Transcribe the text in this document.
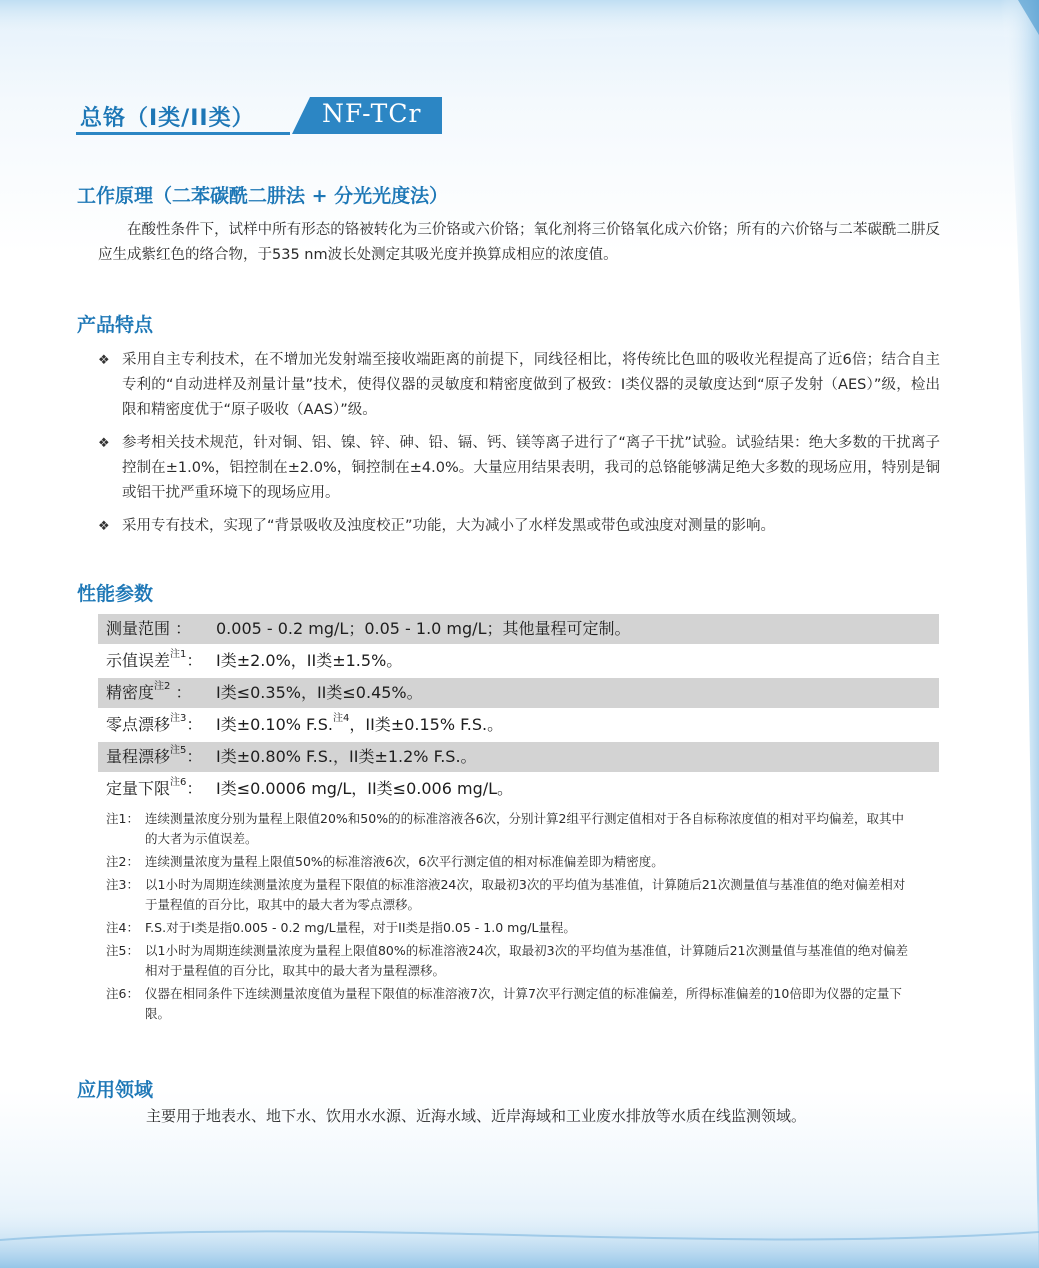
总铬（I类/II类）	NF-TCr
工作原理（二苯碳酰二肼法 + 分光光度法）

在酸性条件下，试样中所有形态的铬被转化为三价铬或六价铬；氧化剂将三价铬氧化成六价铬；所有的六价铬与二苯碳酰二肼反应生成紫红色的络合物，于535 nm波长处测定其吸光度并换算成相应的浓度值。

产品特点
❖ 采用自主专利技术，在不增加光发射端至接收端距离的前提下，同线径相比，将传统比色皿的吸收光程提高了近6倍；结合自主专利的“自动进样及剂量计量”技术，使得仪器的灵敏度和精密度做到了极致：I类仪器的灵敏度达到“原子发射（AES）”级，检出限和精密度优于“原子吸收（AAS）”级。
❖ 参考相关技术规范，针对铜、铝、镍、锌、砷、铅、镉、钙、镁等离子进行了“离子干扰”试验。试验结果：绝大多数的干扰离子控制在±1.0%，铝控制在±2.0%，铜控制在±4.0%。大量应用结果表明，我司的总铬能够满足绝大多数的现场应用，特别是铜或铝干扰严重环境下的现场应用。
❖ 采用专有技术，实现了“背景吸收及浊度校正”功能，大为减小了水样发黑或带色或浊度对测量的影响。
性能参数
测量范围 ： 0.005 - 0.2 mg/L；0.05 - 1.0 mg/L；其他量程可定制。
示值误差$^{注1}$： I类±2.0%，II类±1.5%。
精密度$^{注2}$ ： I类≤0.35%，II类≤0.45%。
零点漂移$^{注3}$： I类±0.10% F.S.$^{注4}$，II类±0.15% F.S.。
量程漂移$^{注5}$： I类±0.80% F.S.，II类±1.2% F.S.。
定量下限$^{注6}$： I类≤0.0006 mg/L，II类≤0.006 mg/L。
注1： 连续测量浓度分别为量程上限值20%和50%的的标准溶液各6次，分别计算2组平行测定值相对于各自标称浓度值的相对平均偏差，取其中的大者为示值误差。
注2： 连续测量浓度为量程上限值50%的标准溶液6次，6次平行测定值的相对标准偏差即为精密度。
注3： 以1小时为周期连续测量浓度为量程下限值的标准溶液24次，取最初3次的平均值为基准值，计算随后21次测量值与基准值的绝对偏差相对于量程值的百分比，取其中的最大者为零点漂移。
注4： F.S.对于I类是指0.005 - 0.2 mg/L量程，对于II类是指0.05 - 1.0 mg/L量程。
注5： 以1小时为周期连续测量浓度为量程上限值80%的标准溶液24次，取最初3次的平均值为基准值，计算随后21次测量值与基准值的绝对偏差相对于量程值的百分比，取其中的最大者为量程漂移。
注6： 仪器在相同条件下连续测量浓度值为量程下限值的标准溶液7次，计算7次平行测定值的标准偏差，所得标准偏差的10倍即为仪器的定量下限。
应用领域
主要用于地表水、地下水、饮用水水源、近海水域、近岸海域和工业废水排放等水质在线监测领域。
